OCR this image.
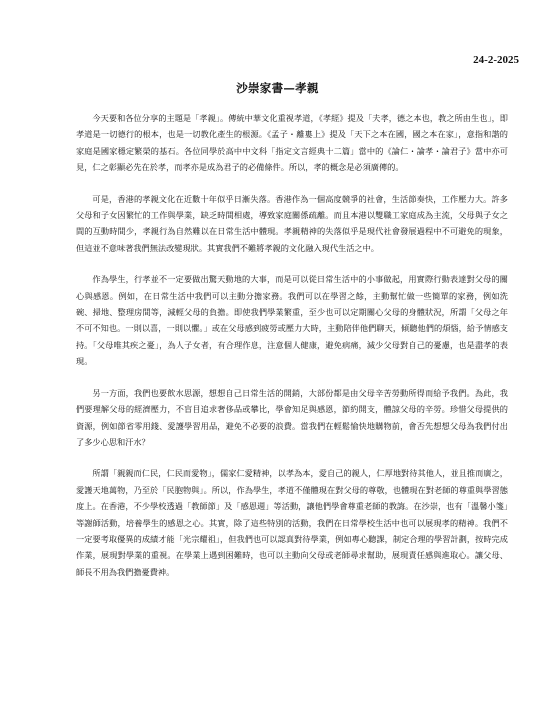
24-2-2025
沙崇家書—孝親

今天要和各位分享的主題是「孝親」。傳統中華文化重視孝道，《孝經》提及「夫孝，德之本也，教之所由生也」，即孝道是一切德行的根本，也是一切教化產生的根源。《孟子・離婁上》提及「天下之本在國，國之本在家」，意指和諧的家庭是國家穩定繁榮的基石。各位同學於高中中文科「指定文言經典十二篇」當中的《論仁・論孝・論君子》當中亦可見，仁之彰顯必先在於孝，而孝亦是成為君子的必備條件。所以，孝的概念是必須廣傳的。

可是，香港的孝親文化在近數十年似乎日漸失落。香港作為一個高度競爭的社會，生活節奏快，工作壓力大。許多父母和子女因繁忙的工作與學業，缺乏時間相處，導致家庭關係疏離。而且本港以雙職工家庭成為主流，父母與子女之間的互動時間少，孝親行為自然難以在日常生活中體現。孝親精神的失落似乎是現代社會發展過程中不可避免的現象，但這並不意味著我們無法改變現狀。其實我們不難將孝親的文化融入現代生活之中。

作為學生，行孝並不一定要做出驚天動地的大事，而是可以從日常生活中的小事做起，用實際行動表達對父母的關心與感恩。例如，在日常生活中我們可以主動分擔家務。我們可以在學習之餘，主動幫忙做一些簡單的家務，例如洗碗、掃地、整理房間等，減輕父母的負擔。即使我們學業繁重，至少也可以定期關心父母的身體狀況，所謂「父母之年不可不知也。一則以喜，一則以懼。」或在父母感到疲勞或壓力大時，主動陪伴他們聊天，傾聽他們的煩惱，給予情感支持。「父母唯其疾之憂」，為人子女者，有合理作息，注意個人健康，避免病痛，減少父母對自己的憂慮，也是盡孝的表現。

另一方面，我們也要飲水思源，想想自己日常生活的開銷，大部份都是由父母辛苦勞動所得而給予我們。為此，我們要理解父母的經濟壓力，不盲目追求奢侈品或攀比，學會知足與感恩，節約開支，體諒父母的辛勞。珍惜父母提供的資源，例如節省零用錢、愛護學習用品，避免不必要的浪費。當我們在輕鬆愉快地購物前，會否先想想父母為我們付出了多少心思和汗水？

所謂「親親而仁民，仁民而愛物」，儒家仁愛精神，以孝為本，愛自己的親人，仁厚地對待其他人，並且推而廣之，愛護天地萬物，乃至於「民胞物與」。所以，作為學生，孝道不僅體現在對父母的尊敬，也體現在對老師的尊重與學習態度上。在香港，不少學校透過「教師節」及「感恩週」等活動，讓他們學會尊重老師的教誨。在沙崇，也有「溫馨小箋」等謝師活動，培養學生的感恩之心。其實，除了這些特別的活動，我們在日常學校生活中也可以展現孝的精神。我們不一定要考取優異的成績才能「光宗耀祖」，但我們也可以認真對待學業，例如專心聽課，制定合理的學習計劃，按時完成作業，展現對學業的重視。在學業上遇到困難時，也可以主動向父母或老師尋求幫助，展現責任感與進取心。讓父母、師長不用為我們擔憂費神。
